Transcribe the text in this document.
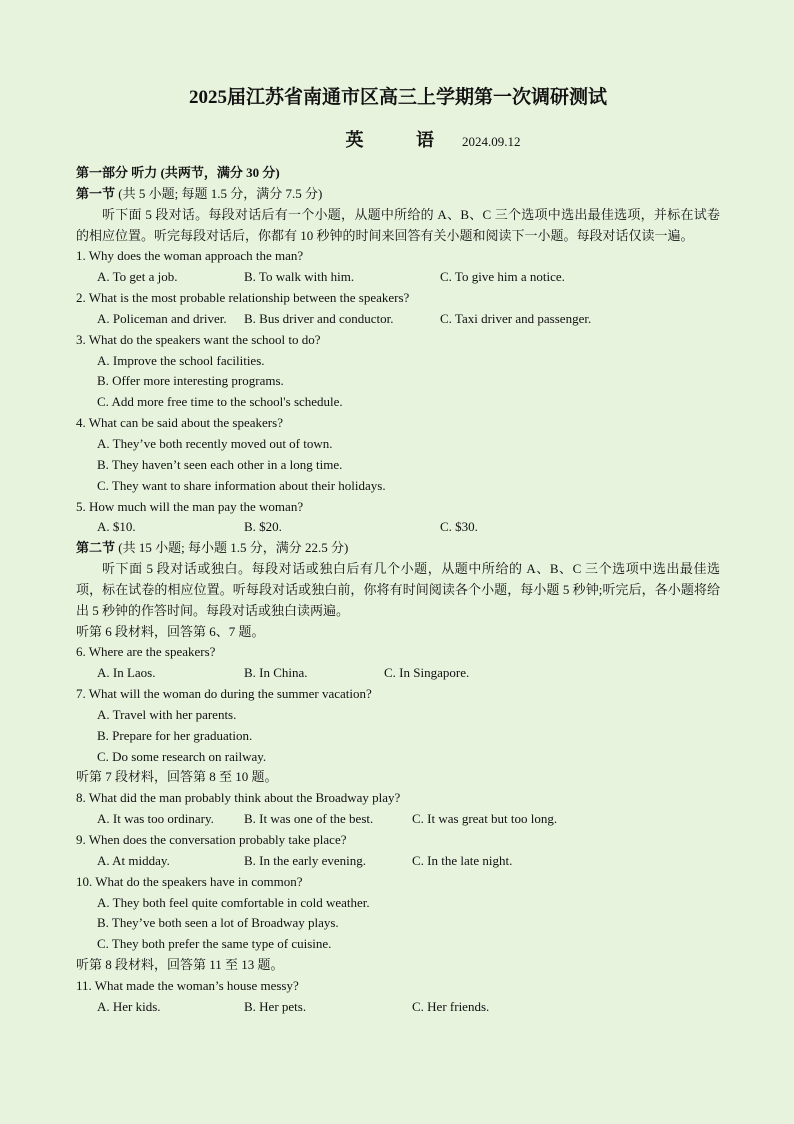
2025届江苏省南通市区高三上学期第一次调研测试
英 语 2024.09.12
第一部分 听力 (共两节，满分 30 分)
第一节 (共 5 小题; 每题 1.5 分，满分 7.5 分)
听下面 5 段对话。每段对话后有一个小题，从题中所给的 A、B、C 三个选项中选出最佳选项，并标在试卷的相应位置。听完每段对话后，你都有 10 秒钟的时间来回答有关小题和阅读下一小题。每段对话仅读一遍。
1. Why does the woman approach the man?
A. To get a job.	B. To walk with him.	C. To give him a notice.
2. What is the most probable relationship between the speakers?
A. Policeman and driver. B. Bus driver and conductor.	C. Taxi driver and passenger.
3. What do the speakers want the school to do?
A. Improve the school facilities.
B. Offer more interesting programs.
C. Add more free time to the school's schedule.
4. What can be said about the speakers?
A. They’ve both recently moved out of town.
B. They haven’t seen each other in a long time.
C. They want to share information about their holidays.
5. How much will the man pay the woman?
A. $10.	B. $20.	C. $30.
第二节 (共 15 小题; 每小题 1.5 分，满分 22.5 分)
听下面 5 段对话或独白。每段对话或独白后有几个小题，从题中所给的 A、B、C 三个选项中选出最佳选项，标在试卷的相应位置。听每段对话或独白前，你将有时间阅读各个小题，每小题 5 秒钟;听完后，各小题将给出 5 秒钟的作答时间。每段对话或独白读两遍。
听第 6 段材料，回答第 6、7 题。
6. Where are the speakers?
A. In Laos.	B. In China.	C. In Singapore.
7. What will the woman do during the summer vacation?
A. Travel with her parents.
B. Prepare for her graduation.
C. Do some research on railway.
听第 7 段材料，回答第 8 至 10 题。
8. What did the man probably think about the Broadway play?
A. It was too ordinary. B. It was one of the best.	C. It was great but too long.
9. When does the conversation probably take place?
A. At midday.	B. In the early evening.	C. In the late night.
10. What do the speakers have in common?
A. They both feel quite comfortable in cold weather.
B. They’ve both seen a lot of Broadway plays.
C. They both prefer the same type of cuisine.
听第 8 段材料，回答第 11 至 13 题。
11. What made the woman’s house messy?
A. Her kids.	B. Her pets.	C. Her friends.
